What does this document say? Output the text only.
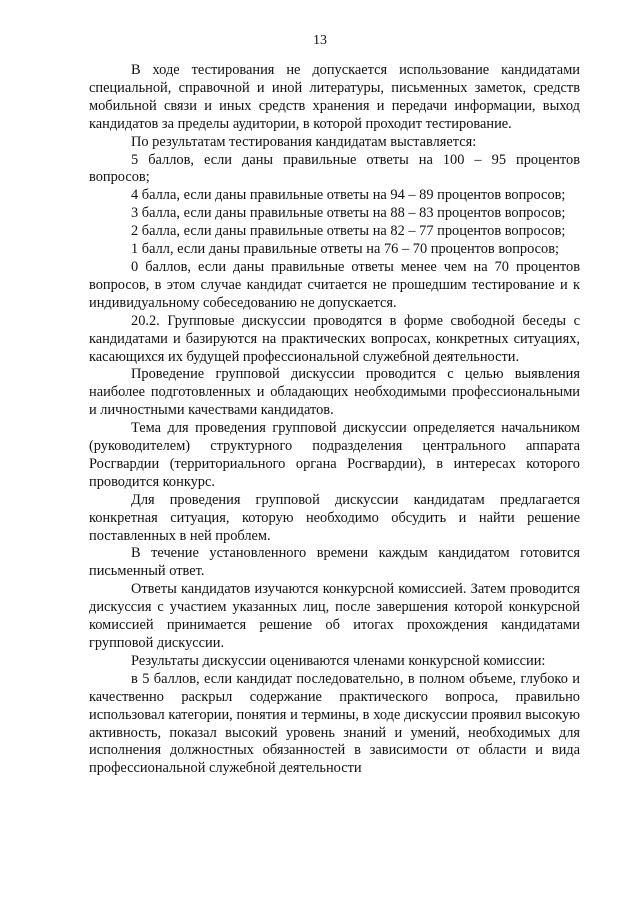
13

В ходе тестирования не допускается использование кандидатами специальной, справочной и иной литературы, письменных заметок, средств мобильной связи и иных средств хранения и передачи информации, выход кандидатов за пределы аудитории, в которой проходит тестирование.

По результатам тестирования кандидатам выставляется:

5 баллов, если даны правильные ответы на 100 – 95 процентов вопросов;

4 балла, если даны правильные ответы на 94 – 89 процентов вопросов;

3 балла, если даны правильные ответы на 88 – 83 процентов вопросов;

2 балла, если даны правильные ответы на 82 – 77 процентов вопросов;

1 балл, если даны правильные ответы на 76 – 70 процентов вопросов;

0 баллов, если даны правильные ответы менее чем на 70 процентов вопросов, в этом случае кандидат считается не прошедшим тестирование и к индивидуальному собеседованию не допускается.

20.2. Групповые дискуссии проводятся в форме свободной беседы с кандидатами и базируются на практических вопросах, конкретных ситуациях, касающихся их будущей профессиональной служебной деятельности.

Проведение групповой дискуссии проводится с целью выявления наиболее подготовленных и обладающих необходимыми профессиональными и личностными качествами кандидатов.

Тема для проведения групповой дискуссии определяется начальником (руководителем) структурного подразделения центрального аппарата Росгвардии (территориального органа Росгвардии), в интересах которого проводится конкурс.

Для проведения групповой дискуссии кандидатам предлагается конкретная ситуация, которую необходимо обсудить и найти решение поставленных в ней проблем.

В течение установленного времени каждым кандидатом готовится письменный ответ.

Ответы кандидатов изучаются конкурсной комиссией. Затем проводится дискуссия с участием указанных лиц, после завершения которой конкурсной комиссией принимается решение об итогах прохождения кандидатами групповой дискуссии.

Результаты дискуссии оцениваются членами конкурсной комиссии:

в 5 баллов, если кандидат последовательно, в полном объеме, глубоко и качественно раскрыл содержание практического вопроса, правильно использовал категории, понятия и термины, в ходе дискуссии проявил высокую активность, показал высокий уровень знаний и умений, необходимых для исполнения должностных обязанностей в зависимости от области и вида профессиональной служебной деятельности
